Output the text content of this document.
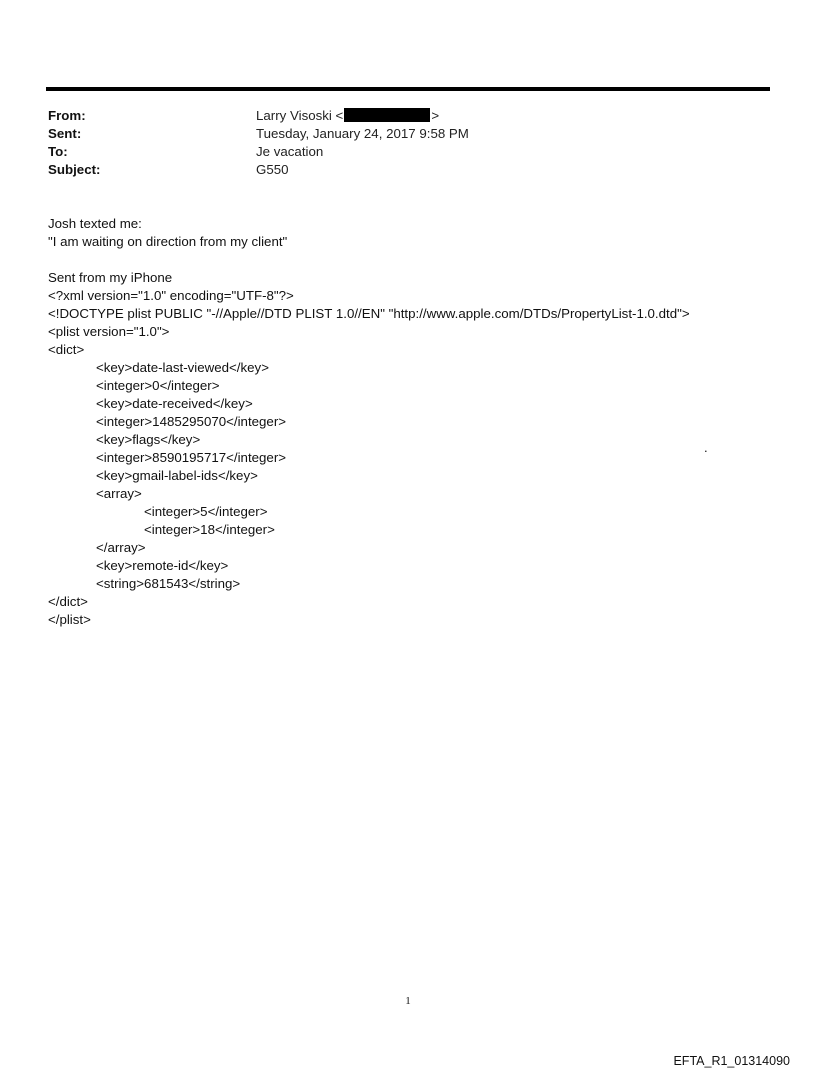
From:	Larry Visoski <	>
Sent:	Tuesday, January 24, 2017 9:58 PM
To:	Je vacation
Subject:	G550
Josh texted me:
"I am waiting on direction from my client"
Sent from my iPhone
<?xml version="1.0" encoding="UTF-8"?>
<!DOCTYPE plist PUBLIC "-//Apple//DTD PLIST 1.0//EN" "http://www.apple.com/DTDs/PropertyList-1.0.dtd">
<plist version="1.0">
<dict>
<key>date-last-viewed</key>
<integer>0</integer>
<key>date-received</key>
<integer>1485295070</integer>
<key>flags</key>
<integer>8590195717</integer>
<key>gmail-label-ids</key>
<array>
<integer>5</integer>
<integer>18</integer>
</array>
<key>remote-id</key>
<string>681543</string>
</dict>
</plist>
.
1
EFTA_R1_01314090
